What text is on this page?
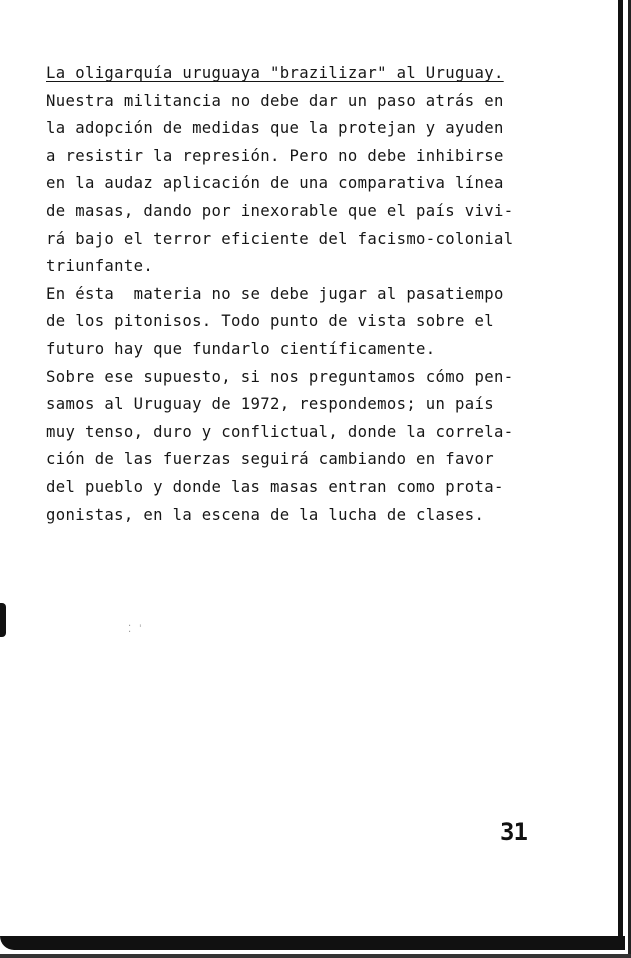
La oligarquía uruguaya "brazilizar" al Uruguay.
Nuestra militancia no debe dar un paso atrás en
la adopción de medidas que la protejan y ayuden
a resistir la represión. Pero no debe inhibirse
en la audaz aplicación de una comparativa línea
de masas, dando por inexorable que el país vivi-
rá bajo el terror eficiente del facismo-colonial
triunfante.
En ésta  materia no se debe jugar al pasatiempo
de los pitonisos. Todo punto de vista sobre el
futuro hay que fundarlo científicamente.
Sobre ese supuesto, si nos preguntamos cómo pen-
samos al Uruguay de 1972, respondemos; un país
muy tenso, duro y conflictual, donde la correla-
ción de las fuerzas seguirá cambiando en favor
del pueblo y donde las masas entran como prota-
gonistas, en la escena de la lucha de clases.
⁚ ˈ
31
